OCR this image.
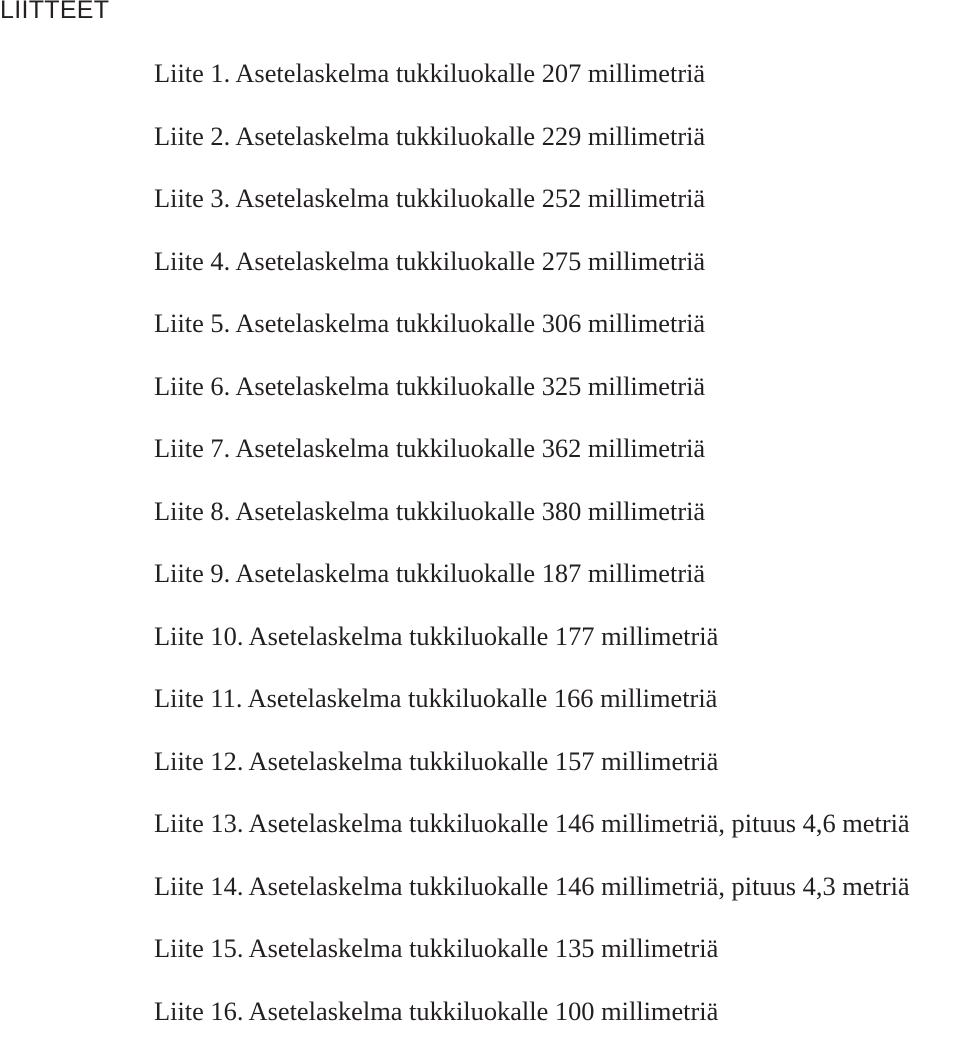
LIITTEET
Liite 1. Asetelaskelma tukkiluokalle 207 millimetriä
Liite 2. Asetelaskelma tukkiluokalle 229 millimetriä
Liite 3. Asetelaskelma tukkiluokalle 252 millimetriä
Liite 4. Asetelaskelma tukkiluokalle 275 millimetriä
Liite 5. Asetelaskelma tukkiluokalle 306 millimetriä
Liite 6. Asetelaskelma tukkiluokalle 325 millimetriä
Liite 7. Asetelaskelma tukkiluokalle 362 millimetriä
Liite 8. Asetelaskelma tukkiluokalle 380 millimetriä
Liite 9. Asetelaskelma tukkiluokalle 187 millimetriä
Liite 10. Asetelaskelma tukkiluokalle 177 millimetriä
Liite 11. Asetelaskelma tukkiluokalle 166 millimetriä
Liite 12. Asetelaskelma tukkiluokalle 157 millimetriä
Liite 13. Asetelaskelma tukkiluokalle 146 millimetriä, pituus 4,6 metriä
Liite 14. Asetelaskelma tukkiluokalle 146 millimetriä, pituus 4,3 metriä
Liite 15. Asetelaskelma tukkiluokalle 135 millimetriä
Liite 16. Asetelaskelma tukkiluokalle 100 millimetriä
